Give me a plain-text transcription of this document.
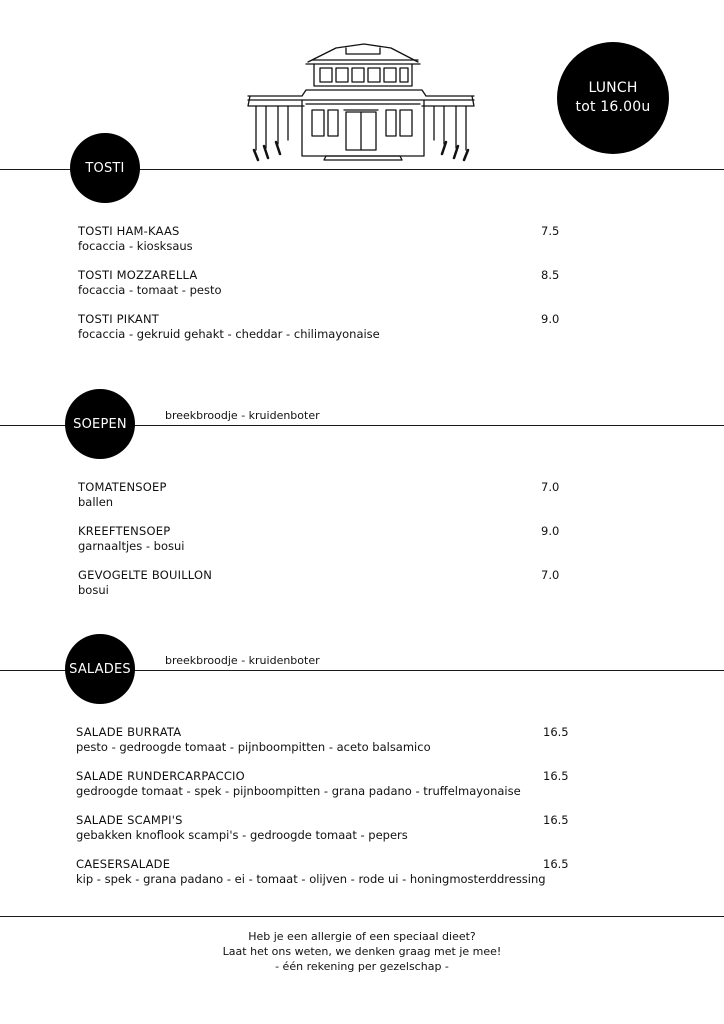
LUNCH
tot 16.00u
TOSTI
TOSTI HAM-KAAS
focaccia - kiosksaus
7.5
TOSTI MOZZARELLA
focaccia - tomaat - pesto
8.5
TOSTI PIKANT
focaccia - gekruid gehakt - cheddar - chilimayonaise
9.0
SOEPEN
breekbroodje - kruidenboter
TOMATENSOEP
ballen
7.0
KREEFTENSOEP
garnaaltjes - bosui
9.0
GEVOGELTE BOUILLON
bosui
7.0
SALADES
breekbroodje - kruidenboter
SALADE BURRATA
pesto - gedroogde tomaat - pijnboompitten - aceto balsamico
16.5
SALADE RUNDERCARPACCIO
gedroogde tomaat - spek - pijnboompitten - grana padano - truffelmayonaise
16.5
SALADE SCAMPI'S
gebakken knoflook scampi's - gedroogde tomaat - pepers
16.5
CAESERSALADE
kip - spek - grana padano - ei - tomaat - olijven - rode ui - honingmosterddressing
16.5
Heb je een allergie of een speciaal dieet?
Laat het ons weten, we denken graag met je mee!
- één rekening per gezelschap -
